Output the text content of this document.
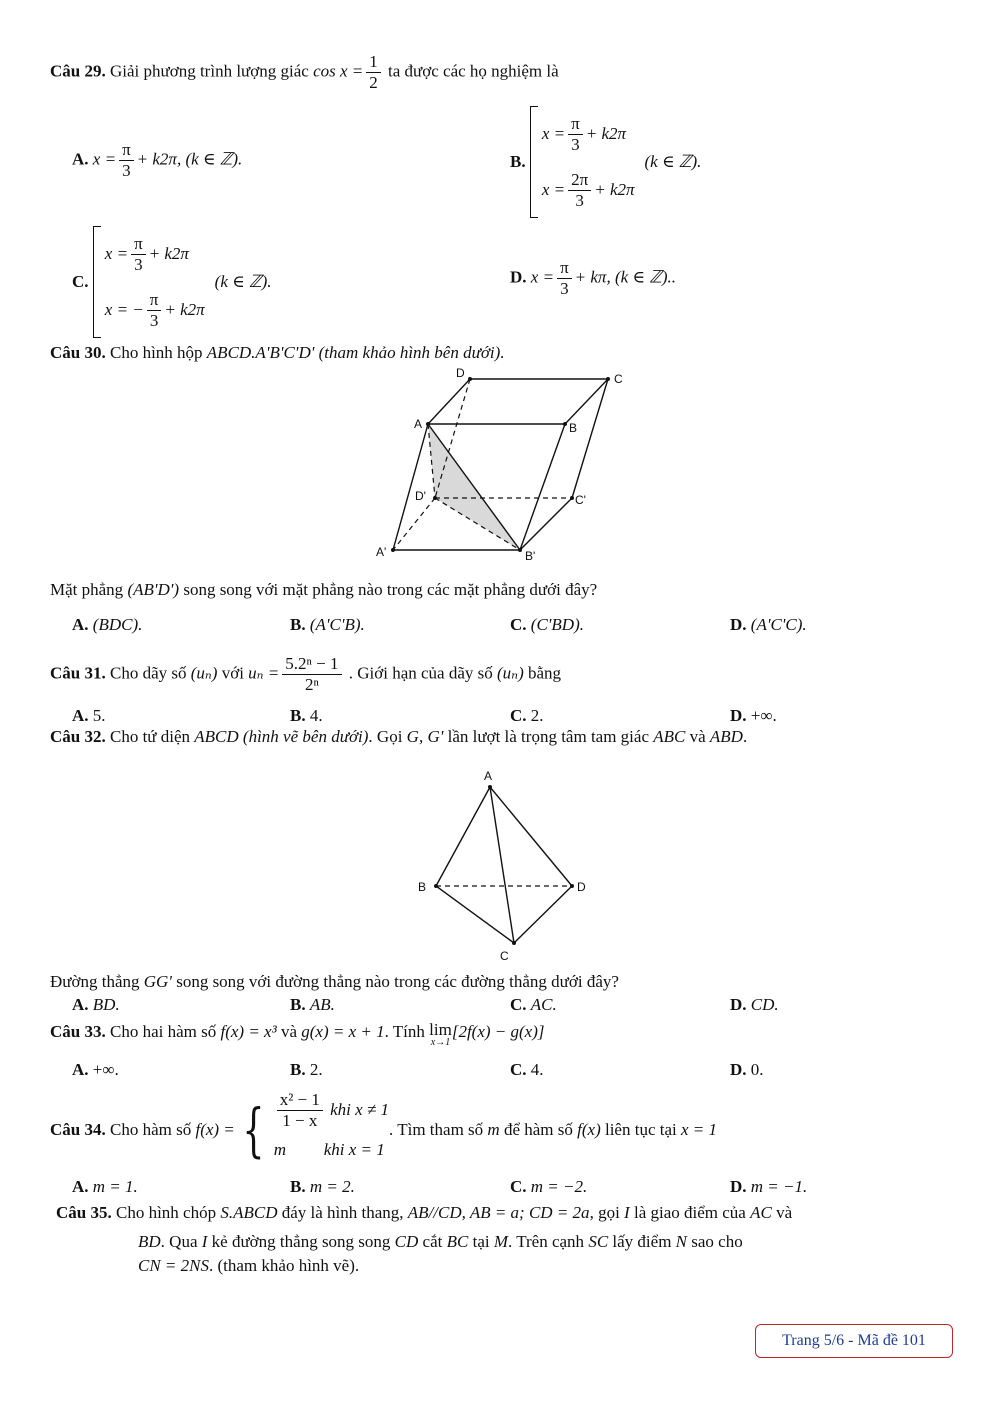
Câu 29. Giải phương trình lượng giác $\cos x = \frac{1}{2}$ ta được các họ nghiệm là
A. $x = \frac{\pi}{3} + k2\pi$, (k ∈ ℤ).	B.
$x = \frac{\pi}{3} + k2\pi$
$x = \frac{2\pi}{3} + k2\pi$
(k ∈ ℤ).
C.
$x = \frac{\pi}{3} + k2\pi$
x = − $\frac{\pi}{3} + k2\pi$
(k ∈ ℤ).	D. $x = \frac{\pi}{3} + k\pi$, (k ∈ ℤ)..
Câu 30. Cho hình hộp ABCD.A'B'C'D' (tham khảo hình bên dưới).
D	C
A	B
D'	C'
A'	B'
Mặt phẳng (AB'D') song song với mặt phẳng nào trong các mặt phẳng dưới đây?
A. (BDC).	B. (A'C'B).	C. (C'BD).	D. (A'C'C).
Câu 31. Cho dãy số (uₙ) với $u_n = \frac{\text{5.2ⁿ − 1}}{\text{2ⁿ}}$ . Giới hạn của dãy số (uₙ) bằng
A. 5.	B. 4.	C. 2.	D. +∞.
Câu 32. Cho tứ diện ABCD (hình vẽ bên dưới). Gọi G, G' lần lượt là trọng tâm tam giác ABC và ABD.
A
B	D
C
Đường thẳng GG' song song với đường thẳng nào trong các đường thẳng dưới đây?
A. BD.	B. AB.	C. AC.	D. CD.
Câu 33. Cho hai hàm số f(x) = x³ và g(x) = x + 1. Tính lim
x→1
[2f(x) − g(x)]
A. +∞.	B. 2.	C. 4.	D. 0.
Câu 34.
Cho hàm số
f(x) = { $\frac{\text{x² − 1}}{1 - x}$
khi x ≠ 1
m	khi x = 1
. Tìm tham số
m
để hàm số
f(x)
liên tục tại
x = 1
A. m = 1.	B. m = 2.	C. m = −2.	D. m = −1.
Câu 35. Cho hình chóp S.ABCD đáy là hình thang, AB//CD, AB = a; CD = 2a, gọi I là giao điểm của AC và
BD. Qua I kẻ đường thẳng song song CD cắt BC tại M. Trên cạnh SC lấy điểm N sao cho
CN = 2NS. (tham khảo hình vẽ).
Trang 5/6 - Mã đề 101
